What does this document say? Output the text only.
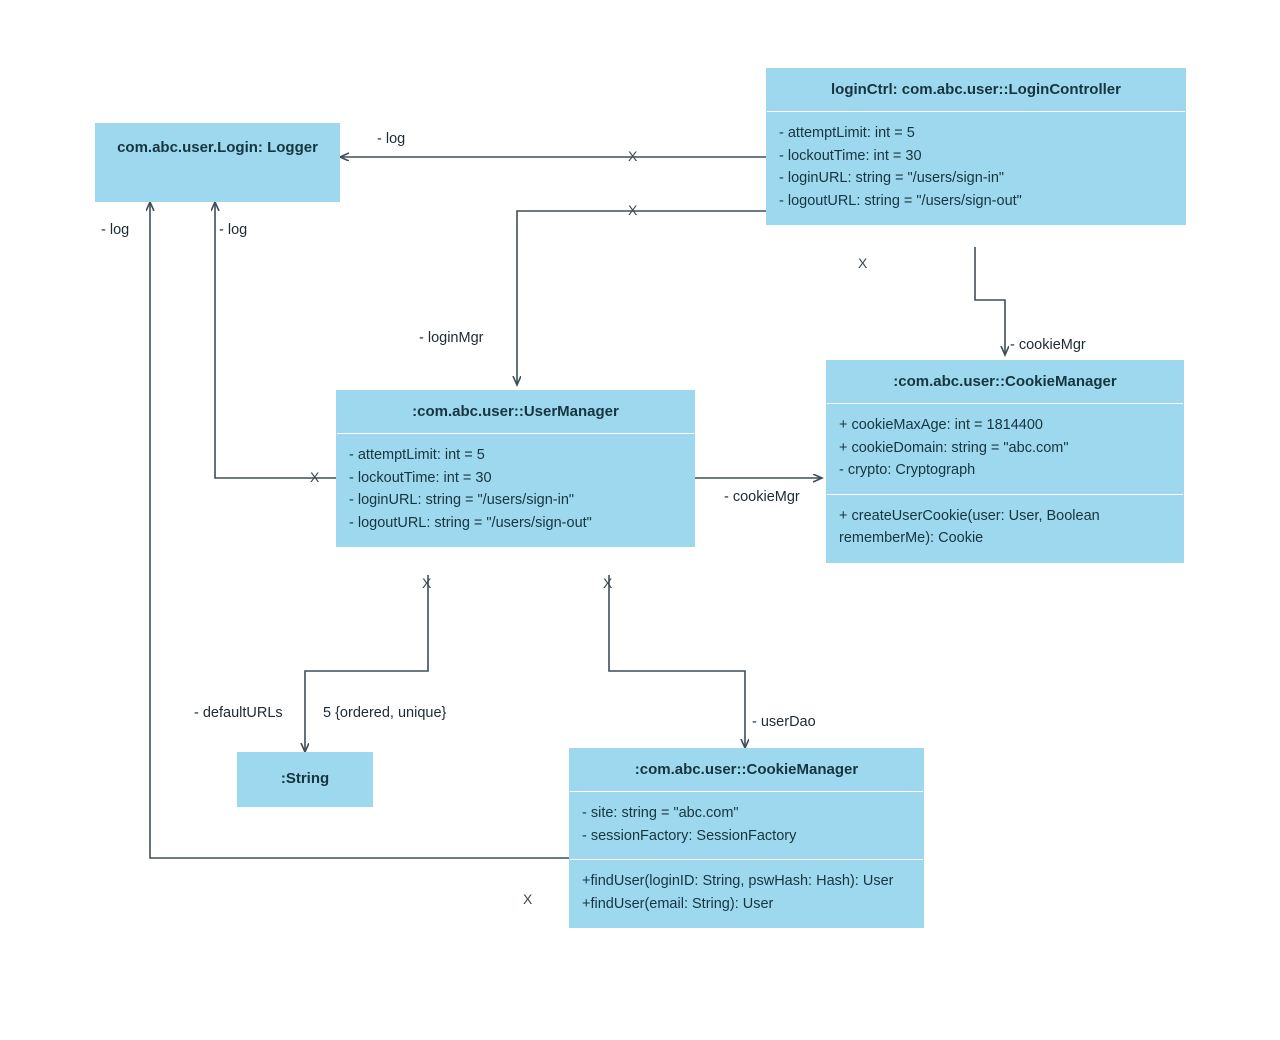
loginCtrl: com.abc.user::LoginController
- attemptLimit: int = 5
- lockoutTime: int = 30
- loginURL: string = "/users/sign-in"
- logoutURL: string = "/users/sign-out"
com.abc.user.Login: Logger
:com.abc.user::UserManager
- attemptLimit: int = 5
- lockoutTime: int = 30
- loginURL: string = "/users/sign-in"
- logoutURL: string = "/users/sign-out"
:com.abc.user::CookieManager
+ cookieMaxAge: int = 1814400
+ cookieDomain: string = "abc.com"
- crypto: Cryptograph
+ createUserCookie(user: User, Boolean rememberMe): Cookie
:String
:com.abc.user::CookieManager
- site: string = "abc.com"
- sessionFactory: SessionFactory
+findUser(loginID: String, pswHash: Hash): User
+findUser(email: String): User
- log
- log	- log
- loginMgr	- cookieMgr
- cookieMgr
- defaultURLs	5 {ordered, unique}
- userDao
X
X
X
X
X	X
X
